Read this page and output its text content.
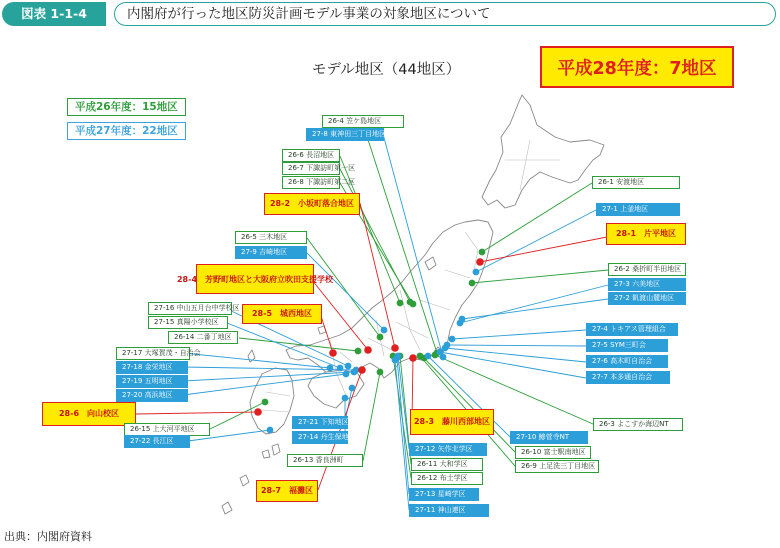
図表 1-1-4	内閣府が行った地区防災計画モデル事業の対象地区について
モデル地区（44地区）	平成28年度：7地区
平成26年度：15地区
平成27年度：22地区
26-4 笠ケ島地区
27-8 東神田三丁目地区
26-6 長沼地区
26-7 下諏訪町第一区
26-8 下諏訪町第二区
28-2　小坂町落合地区
26-1 安渡地区
27-1 上釜地区
28-1　片平地区
26-5 三木地区
27-9 吉崎地区
28-4　芳野町地区と大阪府立吹田支援学校
26-2 桑折町半田地区
27-3 六美地区
27-2 飢渡山麓地区
27-16 中山五月台中学校区
27-15 真陽小学校区
26-14 二番丁地区
28-5　城西地区
27-4 トキアス管理組合
27-5 SYM三町会
27-6 高木町自治会
27-7 本多通自治会
27-17 大塚賀茂・自治会
27-18 金栄地区
27-19 五明地区
27-20 高浜地区
28-6　向山校区
26-15 上大河平地区
27-22 長江区
27-21 下知地区
27-14 丹生保地区
26-13 香良洲町
28-3　藤川西部地区
28-7　福灘区
26-3 よこすか海辺NT
27-10 鯵菅寺NT
26-10 富士駅南地区
26-9 上足洗三丁目地区
27-12 矢作北学区
26-11 大和学区
26-12 布土学区
27-13 星崎学区
27-11 神山連区
出典：内閣府資料
